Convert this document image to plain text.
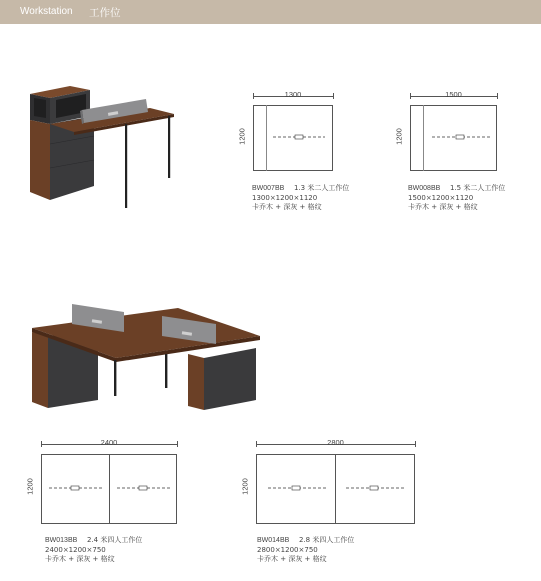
Workstation 工作位
1300
1200
BW007BB 1.3 米二人工作位
1300×1200×1120
卡乔木 + 深灰 + 格纹
1500
1200
BW008BB 1.5 米二人工作位
1500×1200×1120
卡乔木 + 深灰 + 格纹
2400
1200
BW013BB 2.4 米四人工作位
2400×1200×750
卡乔木 + 深灰 + 格纹
2800
1200
BW014BB 2.8 米四人工作位
2800×1200×750
卡乔木 + 深灰 + 格纹
